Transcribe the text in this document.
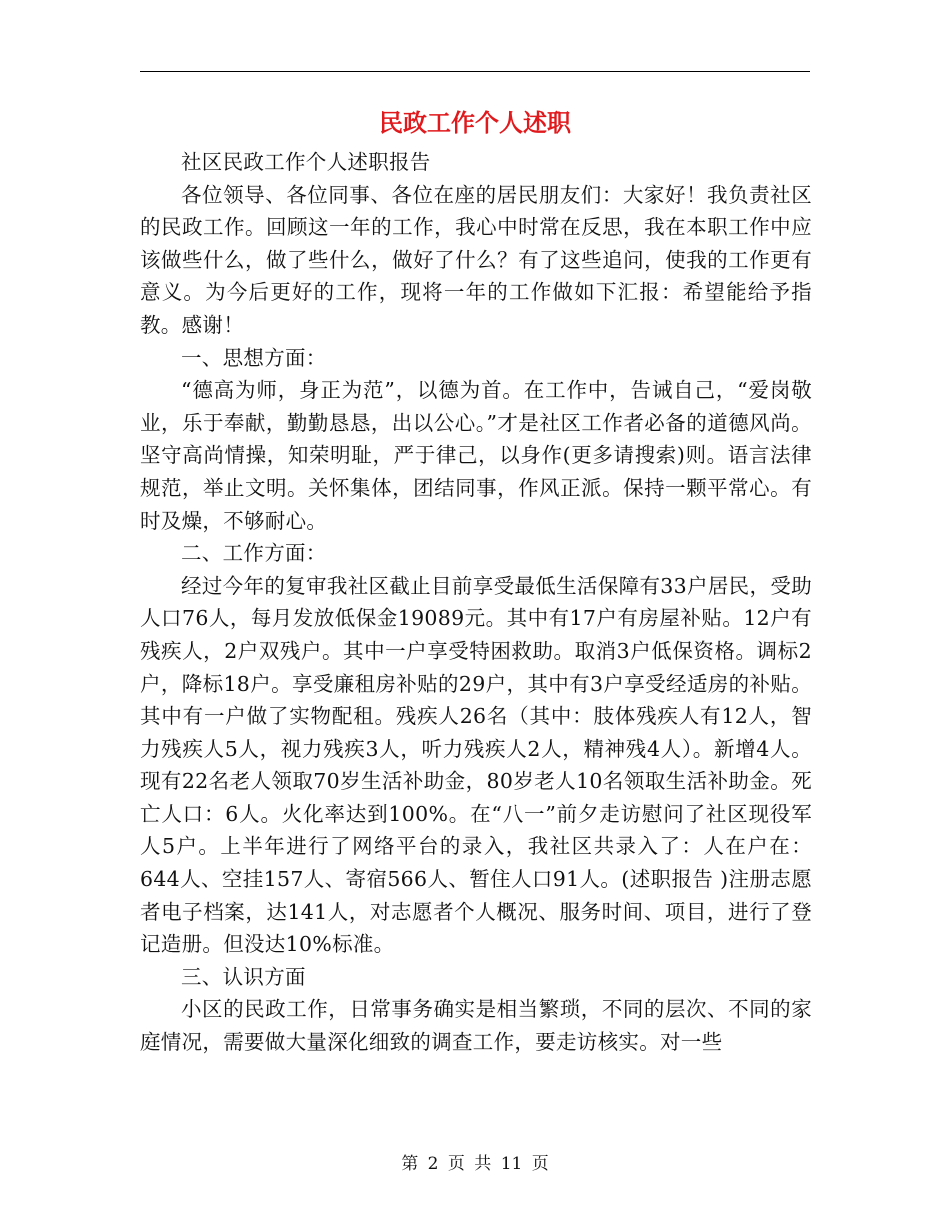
民政工作个人述职

社区民政工作个人述职报告

各位领导、各位同事、各位在座的居民朋友们：大家好！我负责社区的民政工作。回顾这一年的工作，我心中时常在反思，我在本职工作中应该做些什么，做了些什么，做好了什么？有了这些追问，使我的工作更有意义。为今后更好的工作，现将一年的工作做如下汇报：希望能给予指教。感谢！

一、思想方面：

“德高为师，身正为范”，以德为首。在工作中，告诫自己，“爱岗敬业，乐于奉献，勤勤恳恳，出以公心。”才是社区工作者必备的道德风尚。坚守高尚情操，知荣明耻，严于律己，以身作(更多请搜索)则。语言法律规范，举止文明。关怀集体，团结同事，作风正派。保持一颗平常心。有时及燥，不够耐心。

二、工作方面：

经过今年的复审我社区截止目前享受最低生活保障有33户居民，受助人口76人，每月发放低保金19089元。其中有17户有房屋补贴。12户有残疾人，2户双残户。其中一户享受特困救助。取消3户低保资格。调标2户，降标18户。享受廉租房补贴的29户，其中有3户享受经适房的补贴。其中有一户做了实物配租。残疾人26名（其中：肢体残疾人有12人，智力残疾人5人，视力残疾3人，听力残疾人2人，精神残4人）。新增4人。现有22名老人领取70岁生活补助金，80岁老人10名领取生活补助金。死亡人口：6人。火化率达到100%。在“八一”前夕走访慰问了社区现役军人5户。上半年进行了网络平台的录入，我社区共录入了：人在户在：644人、空挂157人、寄宿566人、暂住人口91人。(述职报告 )注册志愿者电子档案，达141人，对志愿者个人概况、服务时间、项目，进行了登记造册。但没达10%标准。

三、认识方面

小区的民政工作，日常事务确实是相当繁琐，不同的层次、不同的家庭情况，需要做大量深化细致的调查工作，要走访核实。对一些

第 2 页 共 11 页
